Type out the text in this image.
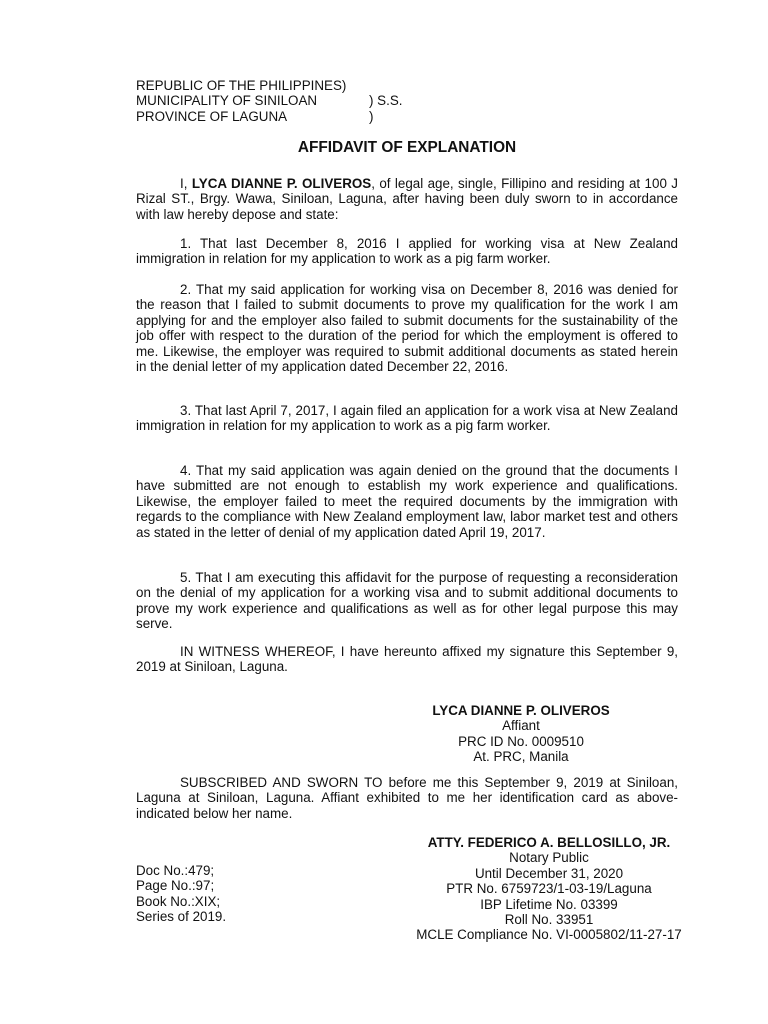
REPUBLIC OF THE PHILIPPINES)
MUNICIPALITY OF SINILOAN	) S.S.
PROVINCE OF LAGUNA	)
AFFIDAVIT OF EXPLANATION

I, LYCA DIANNE P. OLIVEROS, of legal age, single, Fillipino and residing at 100 J Rizal ST., Brgy. Wawa, Siniloan, Laguna, after having been duly sworn to in accordance with law hereby depose and state:

1. That last December 8, 2016 I applied for working visa at New Zealand immigration in relation for my application to work as a pig farm worker.

2. That my said application for working visa on December 8, 2016 was denied for the reason that I failed to submit documents to prove my qualification for the work I am applying for and the employer also failed to submit documents for the sustainability of the job offer with respect to the duration of the period for which the employment is offered to me. Likewise, the employer was required to submit additional documents as stated herein in the denial letter of my application dated December 22, 2016.

3. That last April 7, 2017, I again filed an application for a work visa at New Zealand immigration in relation for my application to work as a pig farm worker.

4. That my said application was again denied on the ground that the documents I have submitted are not enough to establish my work experience and qualifications. Likewise, the employer failed to meet the required documents by the immigration with regards to the compliance with New Zealand employment law, labor market test and others as stated in the letter of denial of my application dated April 19, 2017.

5. That I am executing this affidavit for the purpose of requesting a reconsideration on the denial of my application for a working visa and to submit additional documents to prove my work experience and qualifications as well as for other legal purpose this may serve.

IN WITNESS WHEREOF, I have hereunto affixed my signature this September 9, 2019 at Siniloan, Laguna.

LYCA DIANNE P. OLIVEROS
Affiant
PRC ID No. 0009510
At. PRC, Manila

SUBSCRIBED AND SWORN TO before me this September 9, 2019 at Siniloan, Laguna at Siniloan, Laguna. Affiant exhibited to me her identification card as above-indicated below her name.

ATTY. FEDERICO A. BELLOSILLO, JR.
Notary Public
Until December 31, 2020
PTR No. 6759723/1-03-19/Laguna
IBP Lifetime No. 03399
Roll No. 33951
MCLE Compliance No. VI-0005802/11-27-17
Doc No.:479;
Page No.:97;
Book No.:XIX;
Series of 2019.
